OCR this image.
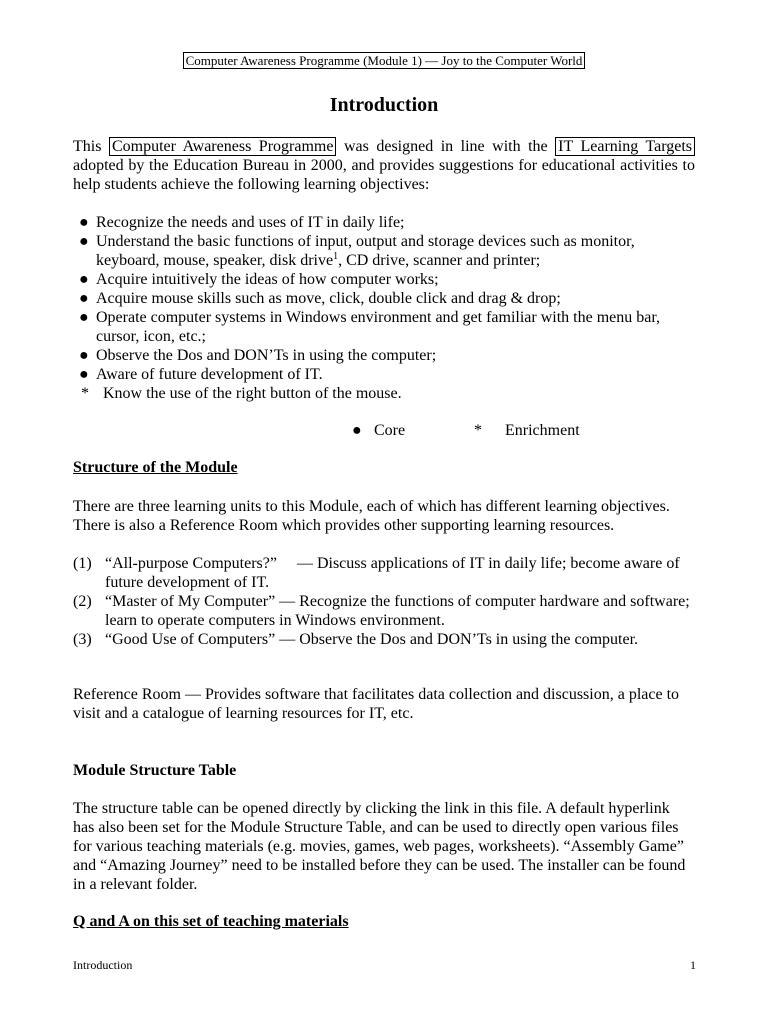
Computer Awareness Programme (Module 1) — Joy to the Computer World
Introduction
This Computer Awareness Programme was designed in line with the IT Learning Targets adopted by the Education Bureau in 2000, and provides suggestions for educational activities to help students achieve the following learning objectives:
● Recognize the needs and uses of IT in daily life;
● Understand the basic functions of input, output and storage devices such as monitor, keyboard, mouse, speaker, disk drive$^1$, CD drive, scanner and printer;
● Acquire intuitively the ideas of how computer works;
● Acquire mouse skills such as move, click, double click and drag & drop;
● Operate computer systems in Windows environment and get familiar with the menu bar, cursor, icon, etc.;
● Observe the Dos and DON’Ts in using the computer;
● Aware of future development of IT.
* Know the use of the right button of the mouse.
● Core	* Enrichment
Structure of the Module
There are three learning units to this Module, each of which has different learning objectives. There is also a Reference Room which provides other supporting learning resources.
(1) “All-purpose Computers?”     — Discuss applications of IT in daily life; become aware of future development of IT.
(2) “Master of My Computer” — Recognize the functions of computer hardware and software; learn to operate computers in Windows environment.
(3) “Good Use of Computers” — Observe the Dos and DON’Ts in using the computer.
Reference Room — Provides software that facilitates data collection and discussion, a place to visit and a catalogue of learning resources for IT, etc.
Module Structure Table
The structure table can be opened directly by clicking the link in this file. A default hyperlink has also been set for the Module Structure Table, and can be used to directly open various files for various teaching materials (e.g. movies, games, web pages, worksheets). “Assembly Game” and “Amazing Journey” need to be installed before they can be used. The installer can be found in a relevant folder.
Q and A on this set of teaching materials
Introduction	1
